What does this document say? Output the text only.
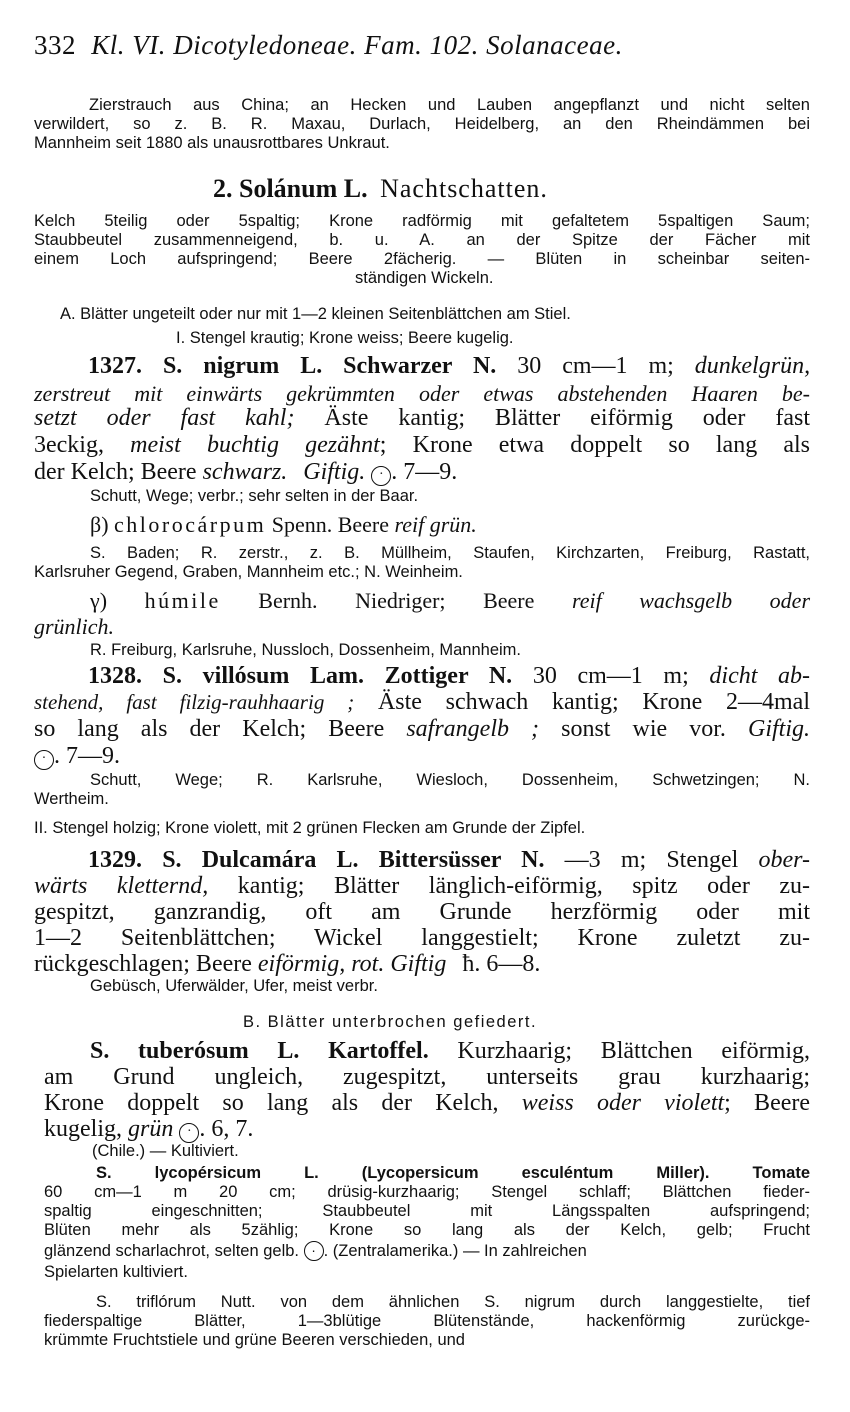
332 Kl. VI. Dicotyledoneae. Fam. 102. Solanaceae.
Zierstrauch aus China; an Hecken und Lauben angepflanzt und nicht selten
verwildert, so z. B. R. Maxau, Durlach, Heidelberg, an den Rheindämmen bei
Mannheim seit 1880 als unausrottbares Unkraut.
2. Solánum L. Nachtschatten.
Kelch 5teilig oder 5spaltig; Krone radförmig mit gefaltetem 5spaltigen Saum;
Staubbeutel zusammenneigend, b. u. A. an der Spitze der Fächer mit
einem Loch aufspringend; Beere 2fächerig. — Blüten in scheinbar seiten-
ständigen Wickeln.
A. Blätter ungeteilt oder nur mit 1—2 kleinen Seitenblättchen am Stiel.
I. Stengel krautig; Krone weiss; Beere kugelig.
1327. S. nigrum L. Schwarzer N. 30 cm—1 m; dunkelgrün,
zerstreut mit einwärts gekrümmten oder etwas abstehenden Haaren be-
setzt oder fast kahl; Äste kantig; Blätter eiförmig oder fast
3eckig, meist buchtig gezähnt; Krone etwa doppelt so lang als
der Kelch; Beere schwarz. Giftig. · . 7—9.
Schutt, Wege; verbr.; sehr selten in der Baar.
β) chlorocárpum Spenn. Beere reif grün.
S. Baden; R. zerstr., z. B. Müllheim, Staufen, Kirchzarten, Freiburg, Rastatt,
Karlsruher Gegend, Graben, Mannheim etc.; N. Weinheim.
γ) húmile Bernh. Niedriger; Beere reif wachsgelb oder
grünlich.
R. Freiburg, Karlsruhe, Nussloch, Dossenheim, Mannheim.
1328. S. villósum Lam. Zottiger N. 30 cm—1 m; dicht ab-
stehend, fast filzig-rauhhaarig ; Äste schwach kantig; Krone 2—4mal
so lang als der Kelch; Beere safrangelb ; sonst wie vor. Giftig.
· . 7—9.
Schutt, Wege; R. Karlsruhe, Wiesloch, Dossenheim, Schwetzingen; N.
Wertheim.
II. Stengel holzig; Krone violett, mit 2 grünen Flecken am Grunde der Zipfel.
1329. S. Dulcamára L. Bittersüsser N. —3 m; Stengel ober-
wärts kletternd, kantig; Blätter länglich-eiförmig, spitz oder zu-
gespitzt, ganzrandig, oft am Grunde herzförmig oder mit
1—2 Seitenblättchen; Wickel langgestielt; Krone zuletzt zu-
rückgeschlagen; Beere eiförmig, rot. Giftig ħ. 6—8.
Gebüsch, Uferwälder, Ufer, meist verbr.
B. Blätter unterbrochen gefiedert.
S. tuberósum L. Kartoffel. Kurzhaarig; Blättchen eiförmig,
am Grund ungleich, zugespitzt, unterseits grau kurzhaarig;
Krone doppelt so lang als der Kelch, weiss oder violett; Beere
kugelig, grün · . 6, 7.
(Chile.) — Kultiviert.
S. lycopérsicum L. (Lycopersicum esculéntum Miller). Tomate
60 cm—1 m 20 cm; drüsig-kurzhaarig; Stengel schlaff; Blättchen fieder-
spaltig eingeschnitten; Staubbeutel mit Längsspalten aufspringend;
Blüten mehr als 5zählig; Krone so lang als der Kelch, gelb; Frucht
glänzend scharlachrot, selten gelb. · . (Zentralamerika.) — In zahlreichen
Spielarten kultiviert.
S. triflórum Nutt. von dem ähnlichen S. nigrum durch langgestielte, tief
fiederspaltige Blätter, 1—3blütige Blütenstände, hackenförmig zurückge-
krümmte Fruchtstiele und grüne Beeren verschieden, und
